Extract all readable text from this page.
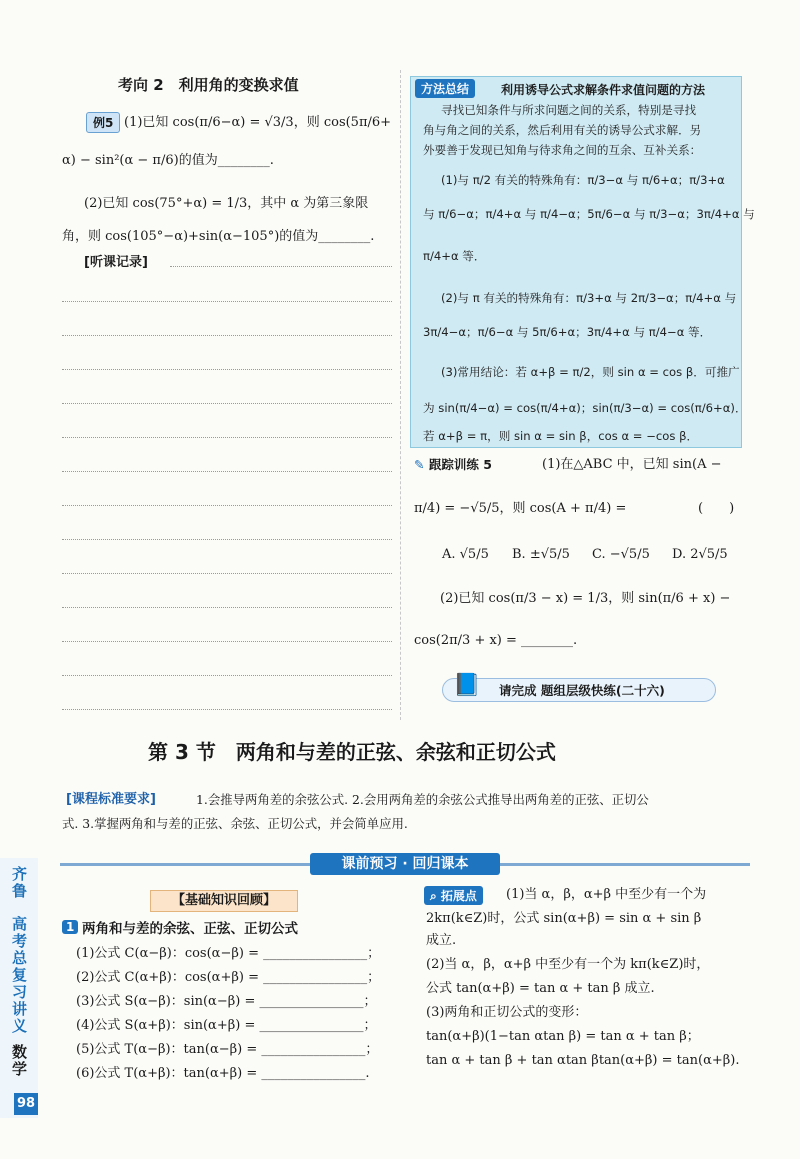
考向 2　利用角的变换求值
例5 (1)已知 cos(π/6−α) = √3/3，则 cos(5π/6+
α) − sin²(α − π/6)的值为________.
(2)已知 cos(75°+α) = 1/3，其中 α 为第三象限
角，则 cos(105°−α)+sin(α−105°)的值为________.
[听课记录]
方法总结	利用诱导公式求解条件求值问题的方法
寻找已知条件与所求问题之间的关系，特别是寻找
角与角之间的关系，然后利用有关的诱导公式求解．另
外要善于发现已知角与待求角之间的互余、互补关系：
(1)与 π/2 有关的特殊角有：π/3−α 与 π/6+α；π/3+α
与 π/6−α；π/4+α 与 π/4−α；5π/6−α 与 π/3−α；3π/4+α 与
π/4+α 等．
(2)与 π 有关的特殊角有：π/3+α 与 2π/3−α；π/4+α 与
3π/4−α；π/6−α 与 5π/6+α；3π/4+α 与 π/4−α 等．
(3)常用结论：若 α+β = π/2，则 sin α = cos β．可推广
为 sin(π/4−α) = cos(π/4+α)；sin(π/3−α) = cos(π/6+α)．
若 α+β = π，则 sin α = sin β，cos α = −cos β．
✎ 跟踪训练 5	(1)在△ABC 中，已知 sin(A −
π/4) = −√5/5，则 cos(A + π/4) =	(　　)
A. √5/5 B. ±√5/5 C. −√5/5 D. 2√5/5
(2)已知 cos(π/3 − x) = 1/3，则 sin(π/6 + x) −
cos(2π/3 + x) = ________.
📘	请完成 题组层级快练(二十六)
第 3 节　两角和与差的正弦、余弦和正切公式
[课程标准要求]	1.会推导两角差的余弦公式. 2.会用两角差的余弦公式推导出两角差的正弦、正切公
式. 3.掌握两角和与差的正弦、余弦、正切公式，并会简单应用.
课前预习 · 回归课本
【基础知识回顾】
1 两角和与差的余弦、正弦、正切公式
(1)公式 C(α−β)：cos(α−β) = ________________；
(2)公式 C(α+β)：cos(α+β) = ________________；
(3)公式 S(α−β)：sin(α−β) = ________________；
(4)公式 S(α+β)：sin(α+β) = ________________；
(5)公式 T(α−β)：tan(α−β) = ________________；
(6)公式 T(α+β)：tan(α+β) = ________________.
⌕ 拓展点	(1)当 α，β，α+β 中至少有一个为
2kπ(k∈Z)时，公式 sin(α+β) = sin α + sin β
成立.
(2)当 α，β，α+β 中至少有一个为 kπ(k∈Z)时，
公式 tan(α+β) = tan α + tan β 成立.
(3)两角和正切公式的变形：
tan(α+β)(1−tan αtan β) = tan α + tan β；
tan α + tan β + tan αtan βtan(α+β) = tan(α+β).
齐鲁
高考总复习讲义
数学
98
